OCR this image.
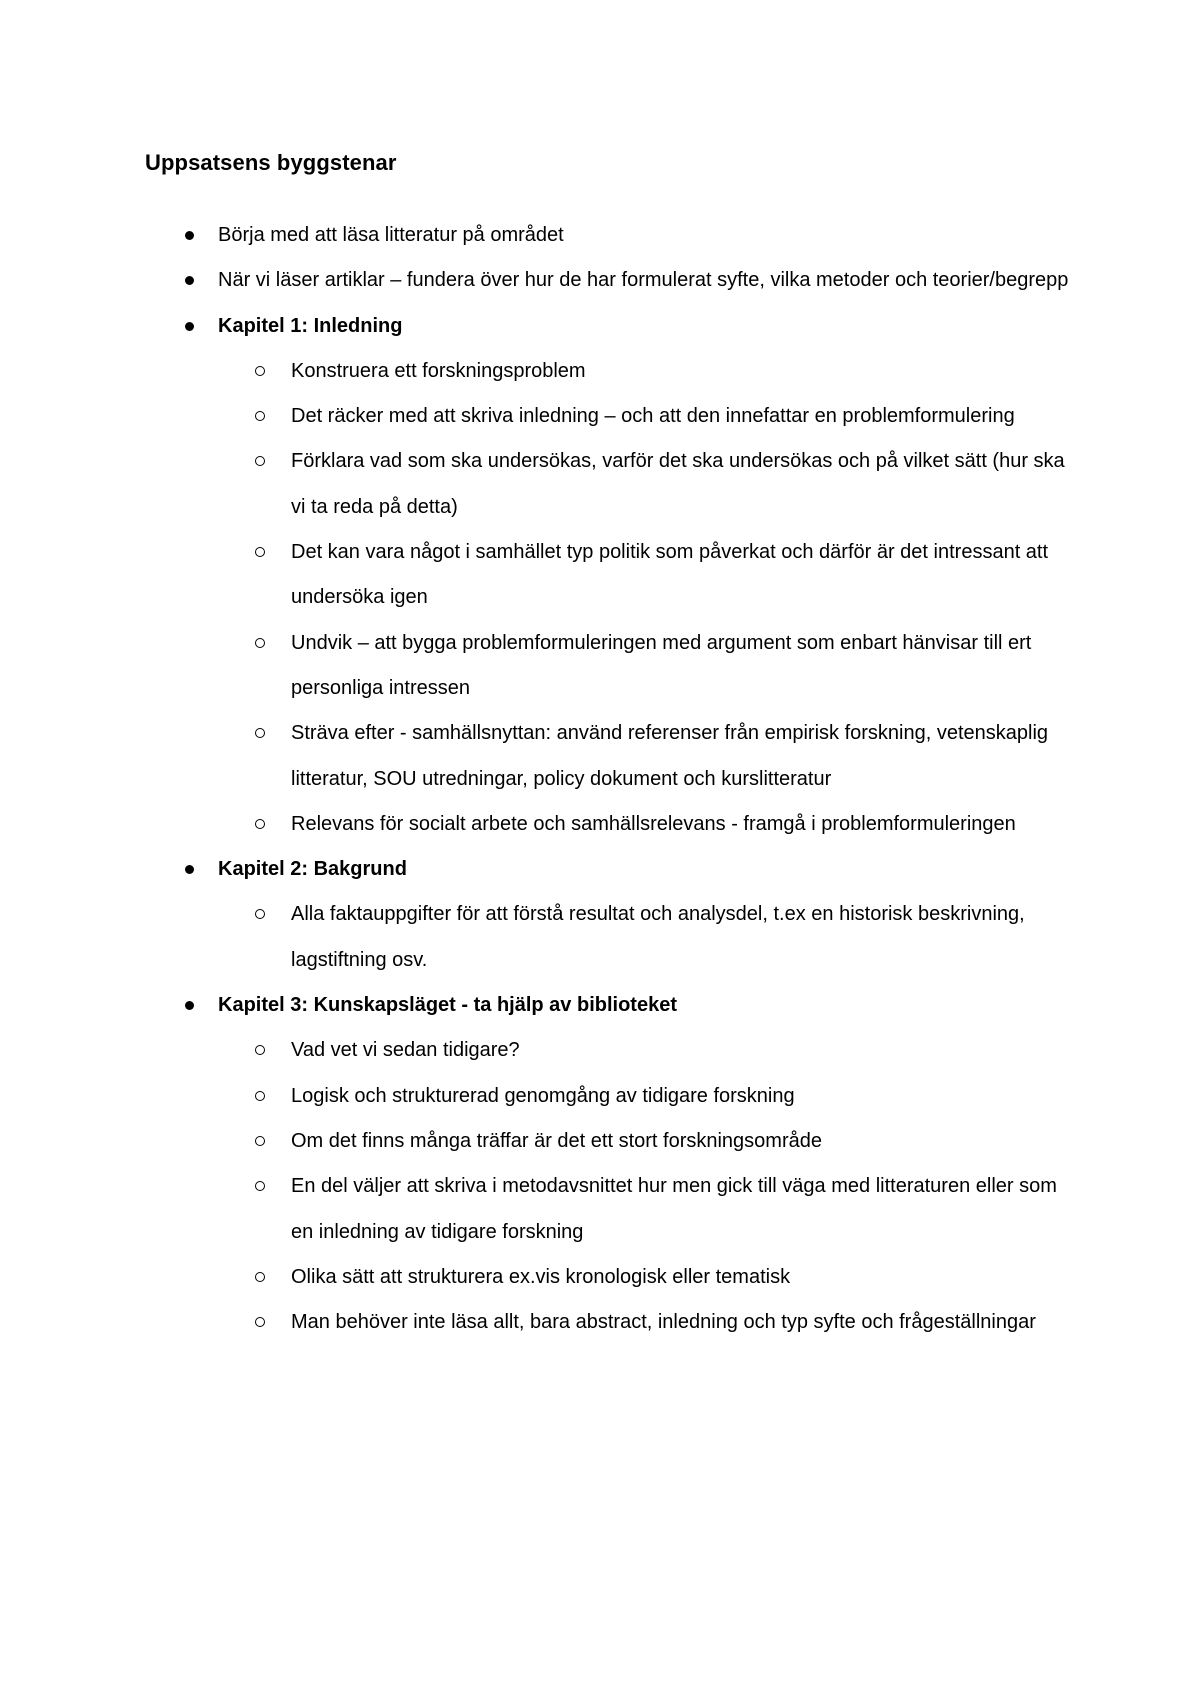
Uppsatsens byggstenar
Börja med att läsa litteratur på området
När vi läser artiklar – fundera över hur de har formulerat syfte, vilka metoder och teorier/begrepp
Kapitel 1: Inledning
Konstruera ett forskningsproblem
Det räcker med att skriva inledning – och att den innefattar en problemformulering
Förklara vad som ska undersökas, varför det ska undersökas och på vilket sätt (hur ska vi ta reda på detta)
Det kan vara något i samhället typ politik som påverkat och därför är det intressant att undersöka igen
Undvik – att bygga problemformuleringen med argument som enbart hänvisar till ert personliga intressen
Sträva efter - samhällsnyttan: använd referenser från empirisk forskning, vetenskaplig litteratur, SOU utredningar, policy dokument och kurslitteratur
Relevans för socialt arbete och samhällsrelevans - framgå i problemformuleringen
Kapitel 2: Bakgrund
Alla faktauppgifter för att förstå resultat och analysdel, t.ex en historisk beskrivning, lagstiftning osv.
Kapitel 3: Kunskapsläget - ta hjälp av biblioteket
Vad vet vi sedan tidigare?
Logisk och strukturerad genomgång av tidigare forskning
Om det finns många träffar är det ett stort forskningsområde
En del väljer att skriva i metodavsnittet hur men gick till väga med litteraturen eller som en inledning av tidigare forskning
Olika sätt att strukturera ex.vis kronologisk eller tematisk
Man behöver inte läsa allt, bara abstract, inledning och typ syfte och frågeställningar
